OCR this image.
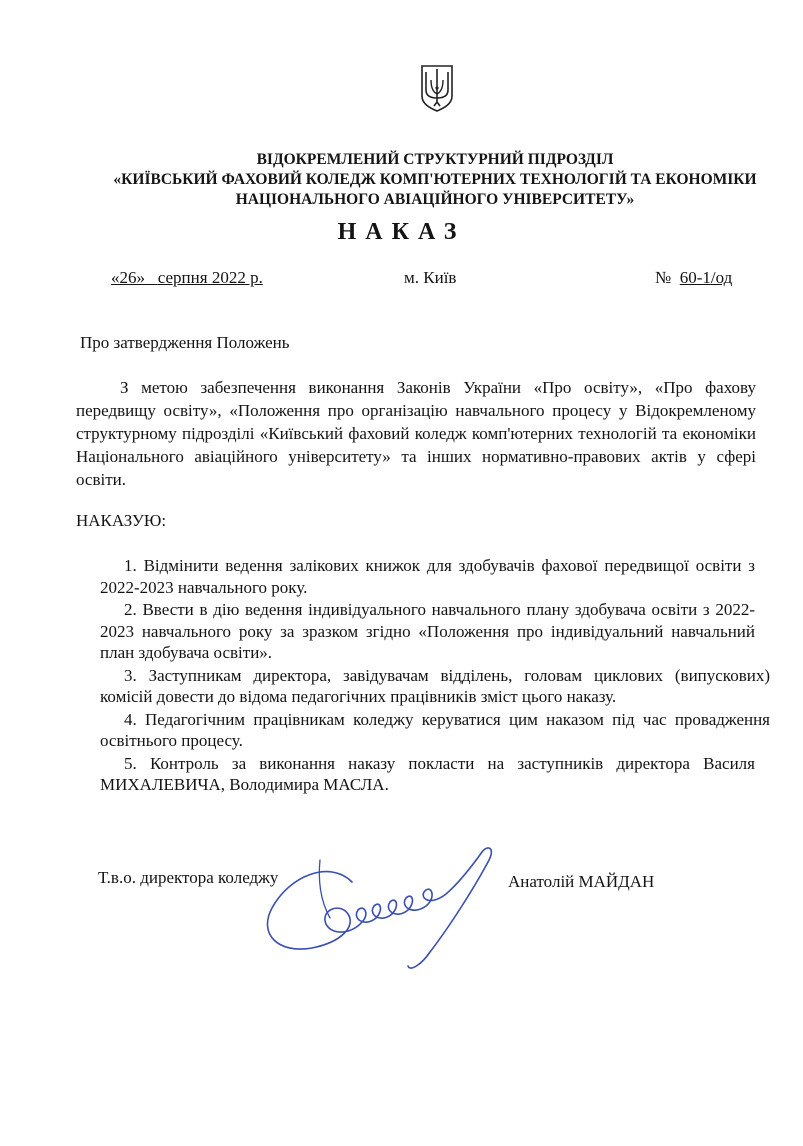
ВІДОКРЕМЛЕНИЙ СТРУКТУРНИЙ ПІДРОЗДІЛ
«КИЇВСЬКИЙ ФАХОВИЙ КОЛЕДЖ КОМП'ЮТЕРНИХ ТЕХНОЛОГІЙ ТА ЕКОНОМІКИ
НАЦІОНАЛЬНОГО АВІАЦІЙНОГО УНІВЕРСИТЕТУ»
НАКАЗ
«26» серпня 2022 р.	м. Київ	№ 60-1/од
Про затвердження Положень

З метою забезпечення виконання Законів України «Про освіту», «Про фахову передвищу освіту», «Положення про організацію навчального процесу у Відокремленому структурному підрозділі «Київський фаховий коледж комп'ютерних технологій та економіки Національного авіаційного університету» та інших нормативно-правових актів у сфері освіти.

НАКАЗУЮ:

1. Відмінити ведення залікових книжок для здобувачів фахової передвищої освіти з 2022-2023 навчального року.

2. Ввести в дію ведення індивідуального навчального плану здобувача освіти з 2022-2023 навчального року за зразком згідно «Положення про індивідуальний навчальний план здобувача освіти».

3. Заступникам директора, завідувачам відділень, головам циклових (випускових) комісій довести до відома педагогічних працівників зміст цього наказу.

4. Педагогічним працівникам коледжу керуватися цим наказом під час провадження освітнього процесу.

5. Контроль за виконання наказу покласти на заступників директора Василя МИХАЛЕВИЧА, Володимира МАСЛА.

Т.в.о. директора коледжу	Анатолій МАЙДАН
